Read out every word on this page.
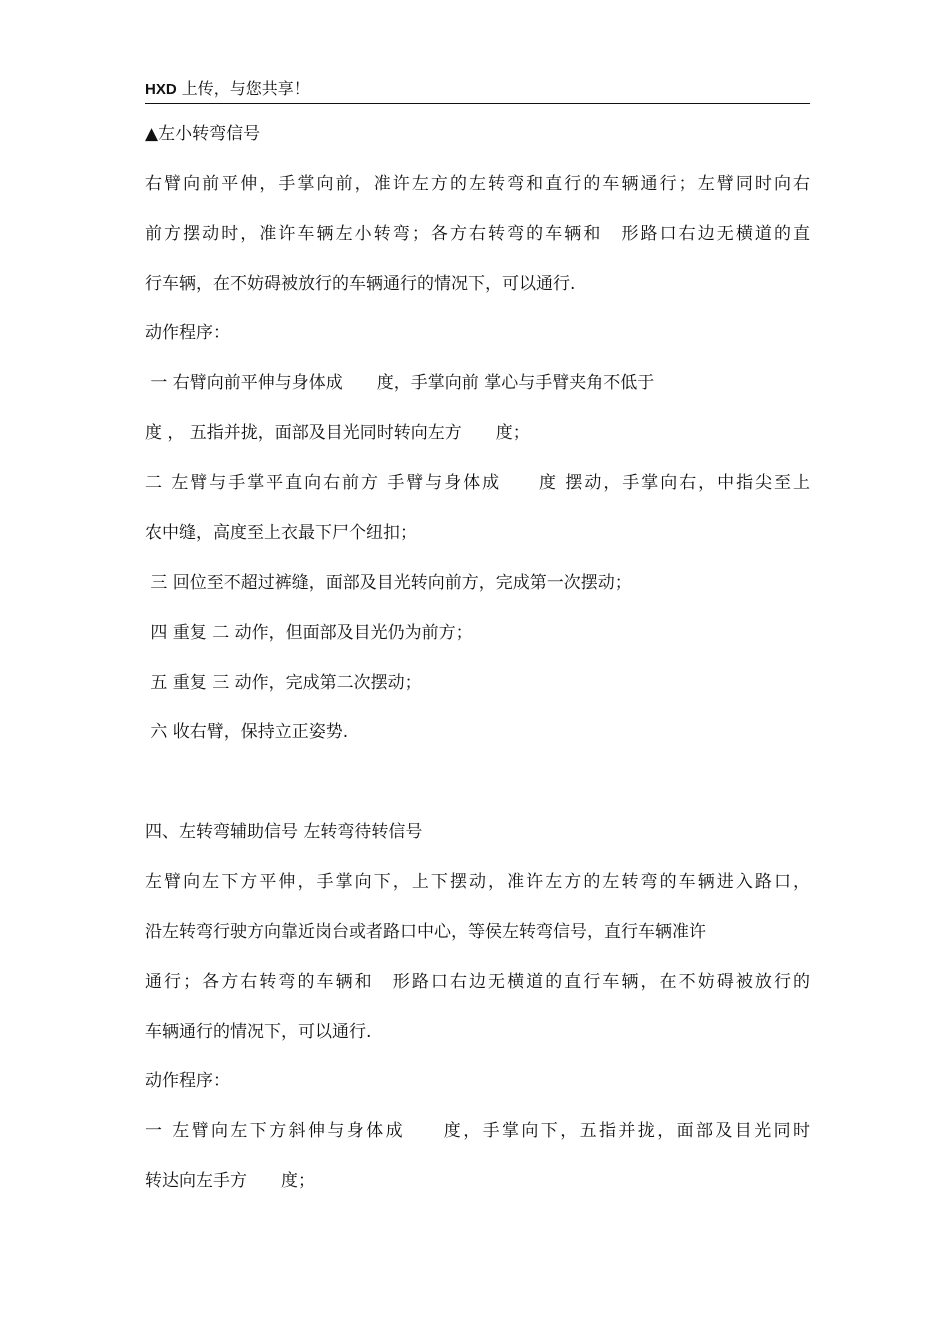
HXD 上传，与您共享！
▲左小转弯信号
右臂向前平伸，手掌向前，准许左方的左转弯和直行的车辆通行；左臂同时向右
前方摆动时，准许车辆左小转弯；各方右转弯的车辆和　形路口右边无横道的直
行车辆，在不妨碍被放行的车辆通行的情况下，可以通行.
动作程序：
一 右臂向前平伸与身体成　　度，手掌向前 掌心与手臂夹角不低于
度 ， 五指并拢，面部及目光同时转向左方　　度；
二 左臂与手掌平直向右前方 手臂与身体成　　度 摆动，手掌向右，中指尖至上
农中缝，高度至上衣最下尸个纽扣；
三 回位至不超过裤缝，面部及目光转向前方，完成第一次摆动；
四 重复 二 动作，但面部及目光仍为前方；
五 重复 三 动作，完成第二次摆动；
六 收右臂，保持立正姿势.
四、左转弯辅助信号 左转弯待转信号
左臂向左下方平伸，手掌向下，上下摆动，准许左方的左转弯的车辆进入路口，
沿左转弯行驶方向靠近岗台或者路口中心，等侯左转弯信号，直行车辆准许
通行；各方右转弯的车辆和　形路口右边无横道的直行车辆，在不妨碍被放行的
车辆通行的情况下，可以通行.
动作程序：
一 左臂向左下方斜伸与身体成　　度，手掌向下，五指并拢，面部及目光同时
转达向左手方　　度；
